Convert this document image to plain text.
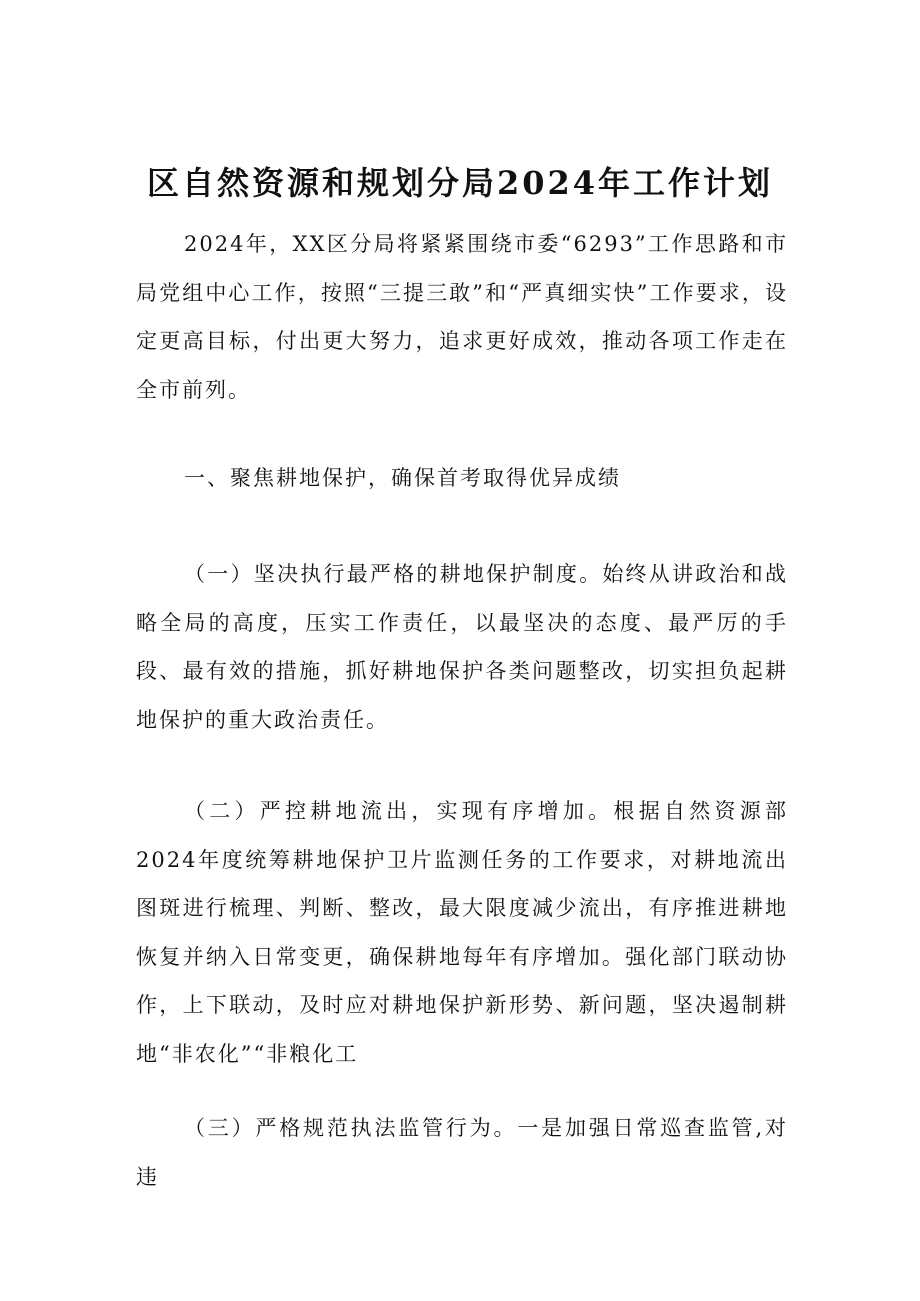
区自然资源和规划分局2024年工作计划

2024年，XX区分局将紧紧围绕市委“6293”工作思路和市局党组中心工作，按照“三提三敢”和“严真细实快”工作要求，设定更高目标，付出更大努力，追求更好成效，推动各项工作走在全市前列。

一、聚焦耕地保护，确保首考取得优异成绩

（一）坚决执行最严格的耕地保护制度。始终从讲政治和战略全局的高度，压实工作责任，以最坚决的态度、最严厉的手段、最有效的措施，抓好耕地保护各类问题整改，切实担负起耕地保护的重大政治责任。

（二）严控耕地流出，实现有序增加。根据自然资源部2024年度统筹耕地保护卫片监测任务的工作要求，对耕地流出图斑进行梳理、判断、整改，最大限度减少流出，有序推进耕地恢复并纳入日常变更，确保耕地每年有序增加。强化部门联动协作，上下联动，及时应对耕地保护新形势、新问题，坚决遏制耕地“非农化”“非粮化工

（三）严格规范执法监管行为。一是加强日常巡查监管,对违
